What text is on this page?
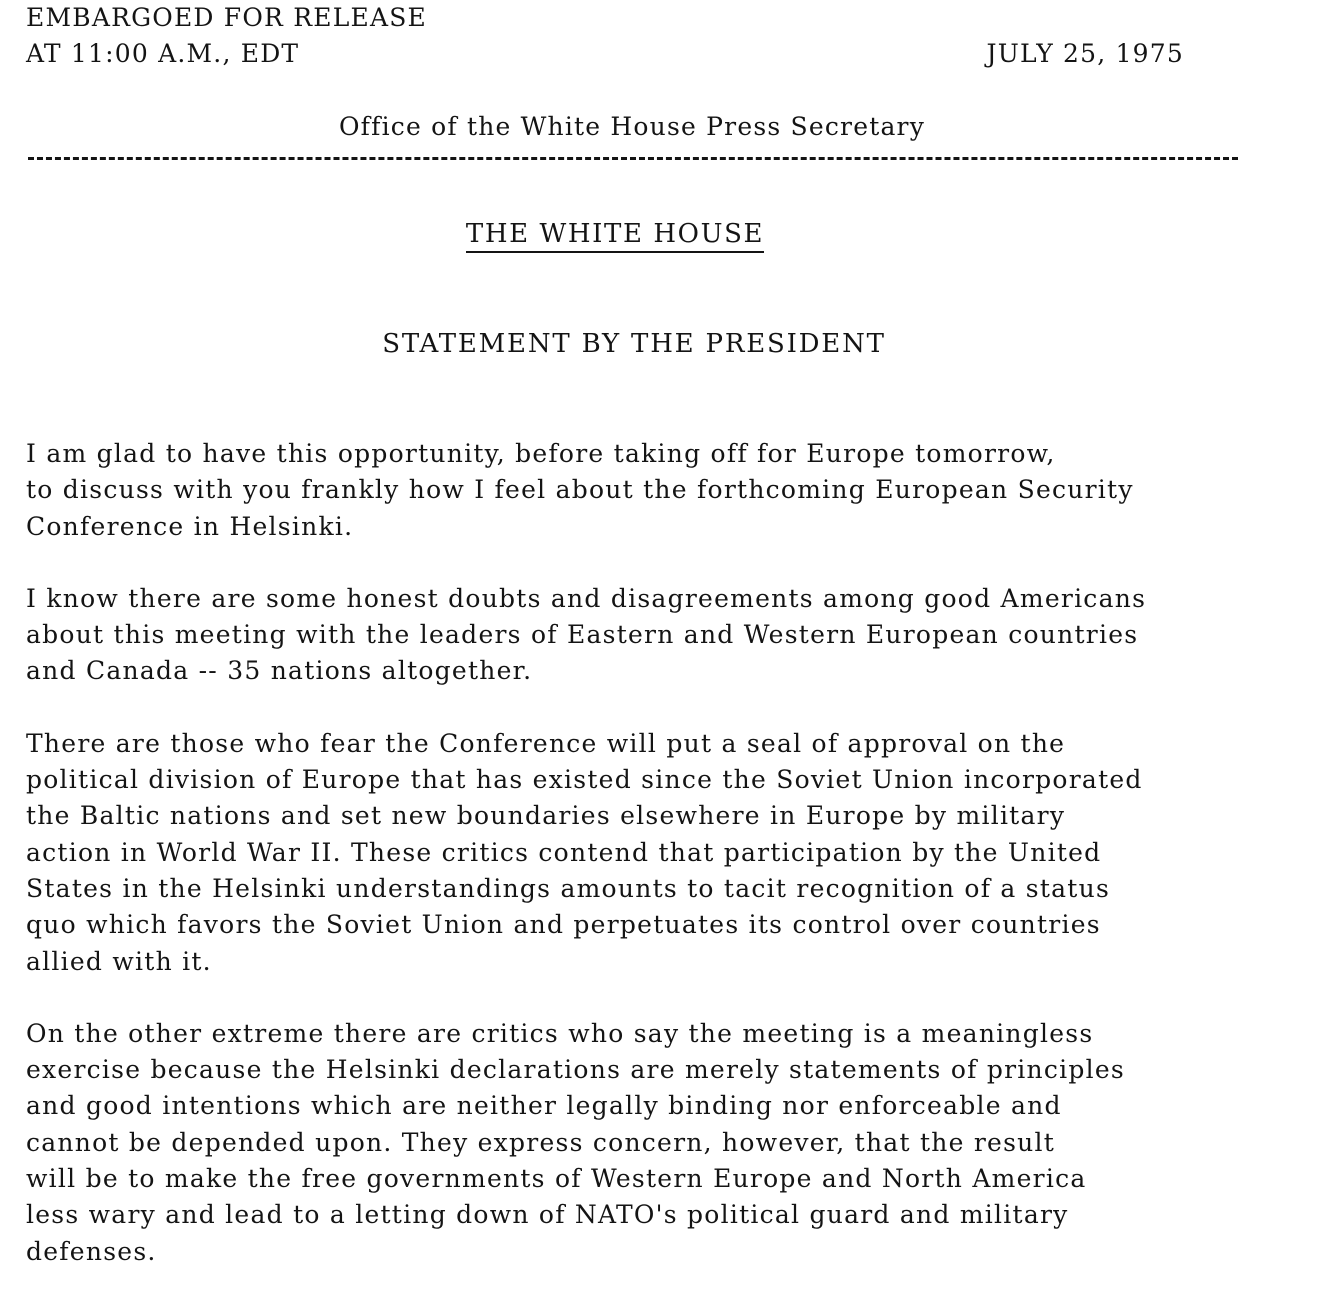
EMBARGOED FOR RELEASE
AT 11:00 A.M., EDT	JULY 25, 1975
Office of the White House Press Secretary
THE WHITE HOUSE
STATEMENT BY THE PRESIDENT
I am glad to have this opportunity, before taking off for Europe tomorrow,
to discuss with you frankly how I feel about the forthcoming European Security
Conference in Helsinki.
I know there are some honest doubts and disagreements among good Americans
about this meeting with the leaders of Eastern and Western European countries
and Canada -- 35 nations altogether.
There are those who fear the Conference will put a seal of approval on the
political division of Europe that has existed since the Soviet Union incorporated
the Baltic nations and set new boundaries elsewhere in Europe by military
action in World War II. These critics contend that participation by the United
States in the Helsinki understandings amounts to tacit recognition of a status
quo which favors the Soviet Union and perpetuates its control over countries
allied with it.
On the other extreme there are critics who say the meeting is a meaningless
exercise because the Helsinki declarations are merely statements of principles
and good intentions which are neither legally binding nor enforceable and
cannot be depended upon. They express concern, however, that the result
will be to make the free governments of Western Europe and North America
less wary and lead to a letting down of NATO's political guard and military
defenses.
